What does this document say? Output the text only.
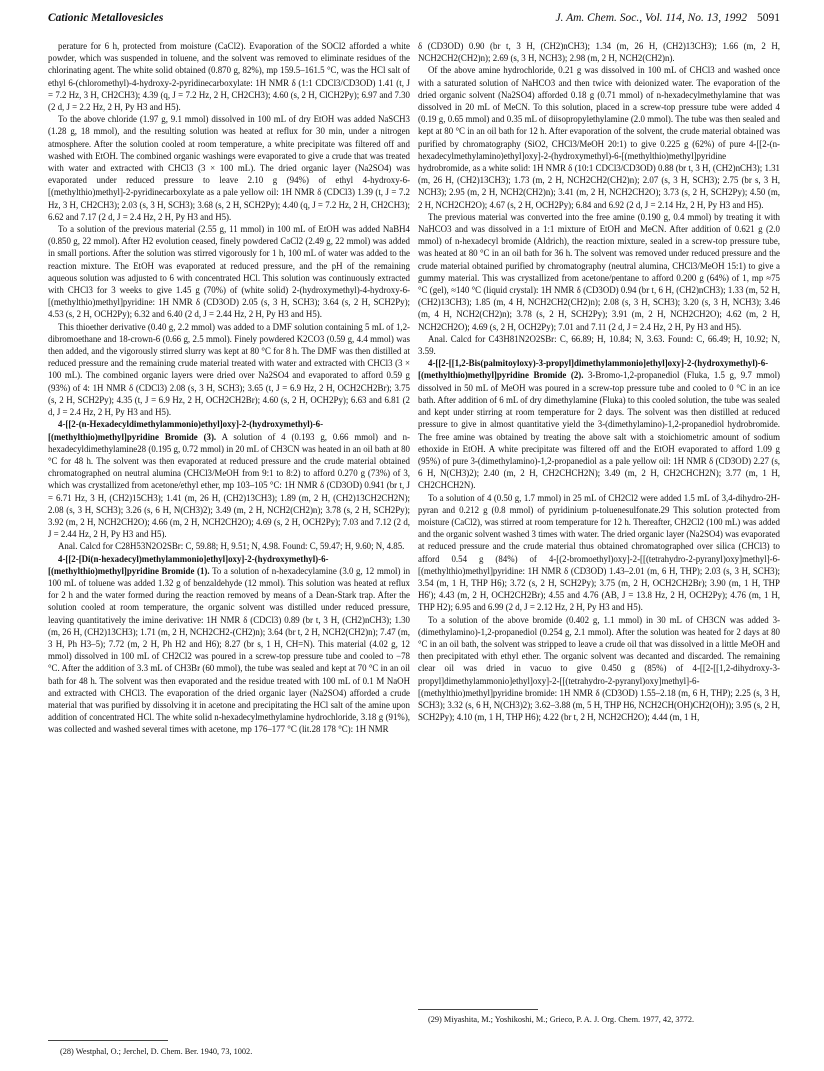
Cationic Metallovesicles	J. Am. Chem. Soc., Vol. 114, No. 13, 1992 5091

perature for 6 h, protected from moisture (CaCl2). Evaporation of the SOCl2 afforded a white powder, which was suspended in toluene, and the solvent was removed to eliminate residues of the chlorinating agent. The white solid obtained (0.870 g, 82%), mp 159.5–161.5 °C, was the HCl salt of ethyl 6-(chloromethyl)-4-hydroxy-2-pyridinecarboxylate: 1H NMR δ (1:1 CDCl3/CD3OD) 1.41 (t, J = 7.2 Hz, 3 H, CH2CH3); 4.39 (q, J = 7.2 Hz, 2 H, CH2CH3); 4.60 (s, 2 H, ClCH2Py); 6.97 and 7.30 (2 d, J = 2.2 Hz, 2 H, Py H3 and H5).

To the above chloride (1.97 g, 9.1 mmol) dissolved in 100 mL of dry EtOH was added NaSCH3 (1.28 g, 18 mmol), and the resulting solution was heated at reflux for 30 min, under a nitrogen atmosphere. After the solution cooled at room temperature, a white precipitate was filtered off and washed with EtOH. The combined organic washings were evaporated to give a crude that was treated with water and extracted with CHCl3 (3 × 100 mL). The dried organic layer (Na2SO4) was evaporated under reduced pressure to leave 2.10 g (94%) of ethyl 4-hydroxy-6-[(methylthio)methyl]-2-pyridinecarboxylate as a pale yellow oil: 1H NMR δ (CDCl3) 1.39 (t, J = 7.2 Hz, 3 H, CH2CH3); 2.03 (s, 3 H, SCH3); 3.68 (s, 2 H, SCH2Py); 4.40 (q, J = 7.2 Hz, 2 H, CH2CH3); 6.62 and 7.17 (2 d, J = 2.4 Hz, 2 H, Py H3 and H5).

To a solution of the previous material (2.55 g, 11 mmol) in 100 mL of EtOH was added NaBH4 (0.850 g, 22 mmol). After H2 evolution ceased, finely powdered CaCl2 (2.49 g, 22 mmol) was added in small portions. After the solution was stirred vigorously for 1 h, 100 mL of water was added to the reaction mixture. The EtOH was evaporated at reduced pressure, and the pH of the remaining aqueous solution was adjusted to 6 with concentrated HCl. This solution was continuously extracted with CHCl3 for 3 weeks to give 1.45 g (70%) of (white solid) 2-(hydroxymethyl)-4-hydroxy-6-[(methylthio)methyl]pyridine: 1H NMR δ (CD3OD) 2.05 (s, 3 H, SCH3); 3.64 (s, 2 H, SCH2Py); 4.53 (s, 2 H, OCH2Py); 6.32 and 6.40 (2 d, J = 2.44 Hz, 2 H, Py H3 and H5).

This thioether derivative (0.40 g, 2.2 mmol) was added to a DMF solution containing 5 mL of 1,2-dibromoethane and 18-crown-6 (0.66 g, 2.5 mmol). Finely powdered K2CO3 (0.59 g, 4.4 mmol) was then added, and the vigorously stirred slurry was kept at 80 °C for 8 h. The DMF was then distilled at reduced pressure and the remaining crude material treated with water and extracted with CHCl3 (3 × 100 mL). The combined organic layers were dried over Na2SO4 and evaporated to afford 0.59 g (93%) of 4: 1H NMR δ (CDCl3) 2.08 (s, 3 H, SCH3); 3.65 (t, J = 6.9 Hz, 2 H, OCH2CH2Br); 3.75 (s, 2 H, SCH2Py); 4.35 (t, J = 6.9 Hz, 2 H, OCH2CH2Br); 4.60 (s, 2 H, OCH2Py); 6.63 and 6.81 (2 d, J = 2.4 Hz, 2 H, Py H3 and H5).

4-[[2-(n-Hexadecyldimethylammonio)ethyl]oxy]-2-(hydroxymethyl)-6-[(methylthio)methyl]pyridine Bromide (3). A solution of 4 (0.193 g, 0.66 mmol) and n-hexadecyldimethylamine28 (0.195 g, 0.72 mmol) in 20 mL of CH3CN was heated in an oil bath at 80 °C for 48 h. The solvent was then evaporated at reduced pressure and the crude material obtained chromatographed on neutral alumina (CHCl3/MeOH from 9:1 to 8:2) to afford 0.270 g (73%) of 3, which was crystallized from acetone/ethyl ether, mp 103–105 °C: 1H NMR δ (CD3OD) 0.941 (br t, J = 6.71 Hz, 3 H, (CH2)15CH3); 1.41 (m, 26 H, (CH2)13CH3); 1.89 (m, 2 H, (CH2)13CH2CH2N); 2.08 (s, 3 H, SCH3); 3.26 (s, 6 H, N(CH3)2); 3.49 (m, 2 H, NCH2(CH2)n); 3.78 (s, 2 H, SCH2Py); 3.92 (m, 2 H, NCH2CH2O); 4.66 (m, 2 H, NCH2CH2O); 4.69 (s, 2 H, OCH2Py); 7.03 and 7.12 (2 d, J = 2.44 Hz, 2 H, Py H3 and H5).

Anal. Calcd for C28H53N2O2SBr: C, 59.88; H, 9.51; N, 4.98. Found: C, 59.47; H, 9.60; N, 4.85.

4-[[2-[Di(n-hexadecyl)methylammonio]ethyl]oxy]-2-(hydroxymethyl)-6-[(methylthio)methyl]pyridine Bromide (1). To a solution of n-hexadecylamine (3.0 g, 12 mmol) in 100 mL of toluene was added 1.32 g of benzaldehyde (12 mmol). This solution was heated at reflux for 2 h and the water formed during the reaction removed by means of a Dean-Stark trap. After the solution cooled at room temperature, the organic solvent was distilled under reduced pressure, leaving quantitatively the imine derivative: 1H NMR δ (CDCl3) 0.89 (br t, 3 H, (CH2)nCH3); 1.30 (m, 26 H, (CH2)13CH3); 1.71 (m, 2 H, NCH2CH2-(CH2)n); 3.64 (br t, 2 H, NCH2(CH2)n); 7.47 (m, 3 H, Ph H3–5); 7.72 (m, 2 H, Ph H2 and H6); 8.27 (br s, 1 H, CH=N). This material (4.02 g, 12 mmol) dissolved in 100 mL of CH2Cl2 was poured in a screw-top pressure tube and cooled to −78 °C. After the addition of 3.3 mL of CH3Br (60 mmol), the tube was sealed and kept at 70 °C in an oil bath for 48 h. The solvent was then evaporated and the residue treated with 100 mL of 0.1 M NaOH and extracted with CHCl3. The evaporation of the dried organic layer (Na2SO4) afforded a crude material that was purified by dissolving it in acetone and precipitating the HCl salt of the amine upon addition of concentrated HCl. The white solid n-hexadecylmethylamine hydrochloride, 3.18 g (91%), was collected and washed several times with acetone, mp 176–177 °C (lit.28 178 °C): 1H NMR

δ (CD3OD) 0.90 (br t, 3 H, (CH2)nCH3); 1.34 (m, 26 H, (CH2)13CH3); 1.66 (m, 2 H, NCH2CH2(CH2)n); 2.69 (s, 3 H, NCH3); 2.98 (m, 2 H, NCH2(CH2)n).

Of the above amine hydrochloride, 0.21 g was dissolved in 100 mL of CHCl3 and washed once with a saturated solution of NaHCO3 and then twice with deionized water. The evaporation of the dried organic solvent (Na2SO4) afforded 0.18 g (0.71 mmol) of n-hexadecylmethylamine that was dissolved in 20 mL of MeCN. To this solution, placed in a screw-top pressure tube were added 4 (0.19 g, 0.65 mmol) and 0.35 mL of diisopropylethylamine (2.0 mmol). The tube was then sealed and kept at 80 °C in an oil bath for 12 h. After evaporation of the solvent, the crude material obtained was purified by chromatography (SiO2, CHCl3/MeOH 20:1) to give 0.225 g (62%) of pure 4-[[2-(n-hexadecylmethylamino)ethyl]oxy]-2-(hydroxymethyl)-6-[(methylthio)methyl]pyridine hydrobromide, as a white solid: 1H NMR δ (10:1 CDCl3/CD3OD) 0.88 (br t, 3 H, (CH2)nCH3); 1.31 (m, 26 H, (CH2)13CH3); 1.73 (m, 2 H, NCH2CH2(CH2)n); 2.07 (s, 3 H, SCH3); 2.75 (br s, 3 H, NCH3); 2.95 (m, 2 H, NCH2(CH2)n); 3.41 (m, 2 H, NCH2CH2O); 3.73 (s, 2 H, SCH2Py); 4.50 (m, 2 H, NCH2CH2O); 4.67 (s, 2 H, OCH2Py); 6.84 and 6.92 (2 d, J = 2.14 Hz, 2 H, Py H3 and H5).

The previous material was converted into the free amine (0.190 g, 0.4 mmol) by treating it with NaHCO3 and was dissolved in a 1:1 mixture of EtOH and MeCN. After addition of 0.621 g (2.0 mmol) of n-hexadecyl bromide (Aldrich), the reaction mixture, sealed in a screw-top pressure tube, was heated at 80 °C in an oil bath for 36 h. The solvent was removed under reduced pressure and the crude material obtained purified by chromatography (neutral alumina, CHCl3/MeOH 15:1) to give a gummy material. This was crystallized from acetone/pentane to afford 0.200 g (64%) of 1, mp ≈75 °C (gel), ≈140 °C (liquid crystal): 1H NMR δ (CD3OD) 0.94 (br t, 6 H, (CH2)nCH3); 1.33 (m, 52 H, (CH2)13CH3); 1.85 (m, 4 H, NCH2CH2(CH2)n); 2.08 (s, 3 H, SCH3); 3.20 (s, 3 H, NCH3); 3.46 (m, 4 H, NCH2(CH2)n); 3.78 (s, 2 H, SCH2Py); 3.91 (m, 2 H, NCH2CH2O); 4.62 (m, 2 H, NCH2CH2O); 4.69 (s, 2 H, OCH2Py); 7.01 and 7.11 (2 d, J = 2.4 Hz, 2 H, Py H3 and H5).

Anal. Calcd for C43H81N2O2SBr: C, 66.89; H, 10.84; N, 3.63. Found: C, 66.49; H, 10.92; N, 3.59.

4-[[2-[[1,2-Bis(palmitoyloxy)-3-propyl]dimethylammonio]ethyl]oxy]-2-(hydroxymethyl)-6-[(methylthio)methyl]pyridine Bromide (2). 3-Bromo-1,2-propanediol (Fluka, 1.5 g, 9.7 mmol) dissolved in 50 mL of MeOH was poured in a screw-top pressure tube and cooled to 0 °C in an ice bath. After addition of 6 mL of dry dimethylamine (Fluka) to this cooled solution, the tube was sealed and kept under stirring at room temperature for 2 days. The solvent was then distilled at reduced pressure to give in almost quantitative yield the 3-(dimethylamino)-1,2-propanediol hydrobromide. The free amine was obtained by treating the above salt with a stoichiometric amount of sodium ethoxide in EtOH. A white precipitate was filtered off and the EtOH evaporated to afford 1.09 g (95%) of pure 3-(dimethylamino)-1,2-propanediol as a pale yellow oil: 1H NMR δ (CD3OD) 2.27 (s, 6 H, N(CH3)2); 2.40 (m, 2 H, CH2CHCH2N); 3.49 (m, 2 H, CH2CHCH2N); 3.77 (m, 1 H, CH2CHCH2N).

To a solution of 4 (0.50 g, 1.7 mmol) in 25 mL of CH2Cl2 were added 1.5 mL of 3,4-dihydro-2H-pyran and 0.212 g (0.8 mmol) of pyridinium p-toluenesulfonate.29 This solution protected from moisture (CaCl2), was stirred at room temperature for 12 h. Thereafter, CH2Cl2 (100 mL) was added and the organic solvent washed 3 times with water. The dried organic layer (Na2SO4) was evaporated at reduced pressure and the crude material thus obtained chromatographed over silica (CHCl3) to afford 0.54 g (84%) of 4-[(2-bromoethyl)oxy]-2-[[(tetrahydro-2-pyranyl)oxy]methyl]-6-[(methylthio)methyl]pyridine: 1H NMR δ (CD3OD) 1.43–2.01 (m, 6 H, THP); 2.03 (s, 3 H, SCH3); 3.54 (m, 1 H, THP H6); 3.72 (s, 2 H, SCH2Py); 3.75 (m, 2 H, OCH2CH2Br); 3.90 (m, 1 H, THP H6'); 4.43 (m, 2 H, OCH2CH2Br); 4.55 and 4.76 (AB, J = 13.8 Hz, 2 H, OCH2Py); 4.76 (m, 1 H, THP H2); 6.95 and 6.99 (2 d, J = 2.12 Hz, 2 H, Py H3 and H5).

To a solution of the above bromide (0.402 g, 1.1 mmol) in 30 mL of CH3CN was added 3-(dimethylamino)-1,2-propanediol (0.254 g, 2.1 mmol). After the solution was heated for 2 days at 80 °C in an oil bath, the solvent was stripped to leave a crude oil that was dissolved in a little MeOH and then precipitated with ethyl ether. The organic solvent was decanted and discarded. The remaining clear oil was dried in vacuo to give 0.450 g (85%) of 4-[[2-[[1,2-dihydroxy-3-propyl]dimethylammonio]ethyl]oxy]-2-[[(tetrahydro-2-pyranyl)oxy]methyl]-6-[(methylthio)methyl]pyridine bromide: 1H NMR δ (CD3OD) 1.55–2.18 (m, 6 H, THP); 2.25 (s, 3 H, SCH3); 3.32 (s, 6 H, N(CH3)2); 3.62–3.88 (m, 5 H, THP H6, NCH2CH(OH)CH2(OH)); 3.95 (s, 2 H, SCH2Py); 4.10 (m, 1 H, THP H6); 4.22 (br t, 2 H, NCH2CH2O); 4.44 (m, 1 H,

(28) Westphal, O.; Jerchel, D. Chem. Ber. 1940, 73, 1002.
(29) Miyashita, M.; Yoshikoshi, M.; Grieco, P. A. J. Org. Chem. 1977, 42, 3772.
